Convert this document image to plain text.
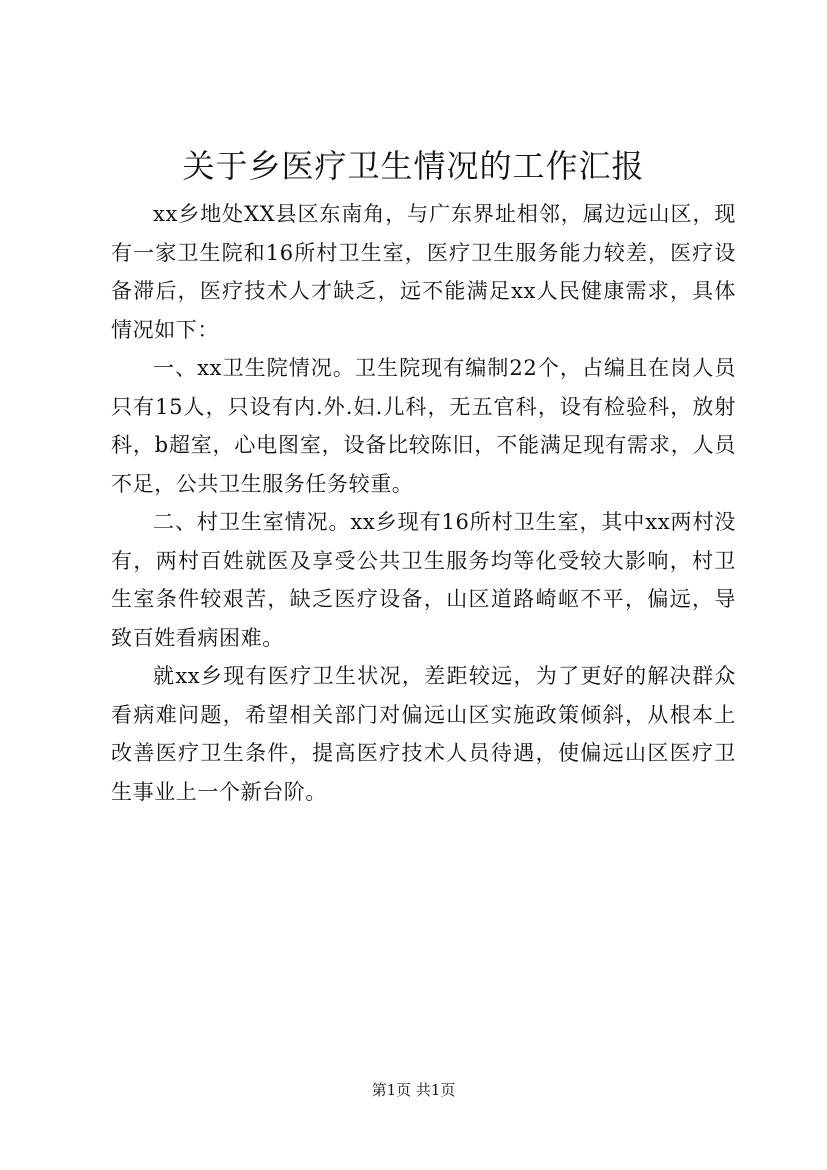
关于乡医疗卫生情况的工作汇报

xx乡地处XX县区东南角，与广东界址相邻，属边远山区，现有一家卫生院和16所村卫生室，医疗卫生服务能力较差，医疗设备滞后，医疗技术人才缺乏，远不能满足xx人民健康需求，具体情况如下：

一、xx卫生院情况。卫生院现有编制22个，占编且在岗人员只有15人，只设有内.外.妇.儿科，无五官科，设有检验科，放射科，b超室，心电图室，设备比较陈旧，不能满足现有需求，人员不足，公共卫生服务任务较重。

二、村卫生室情况。xx乡现有16所村卫生室，其中xx两村没有，两村百姓就医及享受公共卫生服务均等化受较大影响，村卫生室条件较艰苦，缺乏医疗设备，山区道路崎岖不平，偏远，导致百姓看病困难。

就xx乡现有医疗卫生状况，差距较远，为了更好的解决群众看病难问题，希望相关部门对偏远山区实施政策倾斜，从根本上改善医疗卫生条件，提高医疗技术人员待遇，使偏远山区医疗卫生事业上一个新台阶。

第1页 共1页
